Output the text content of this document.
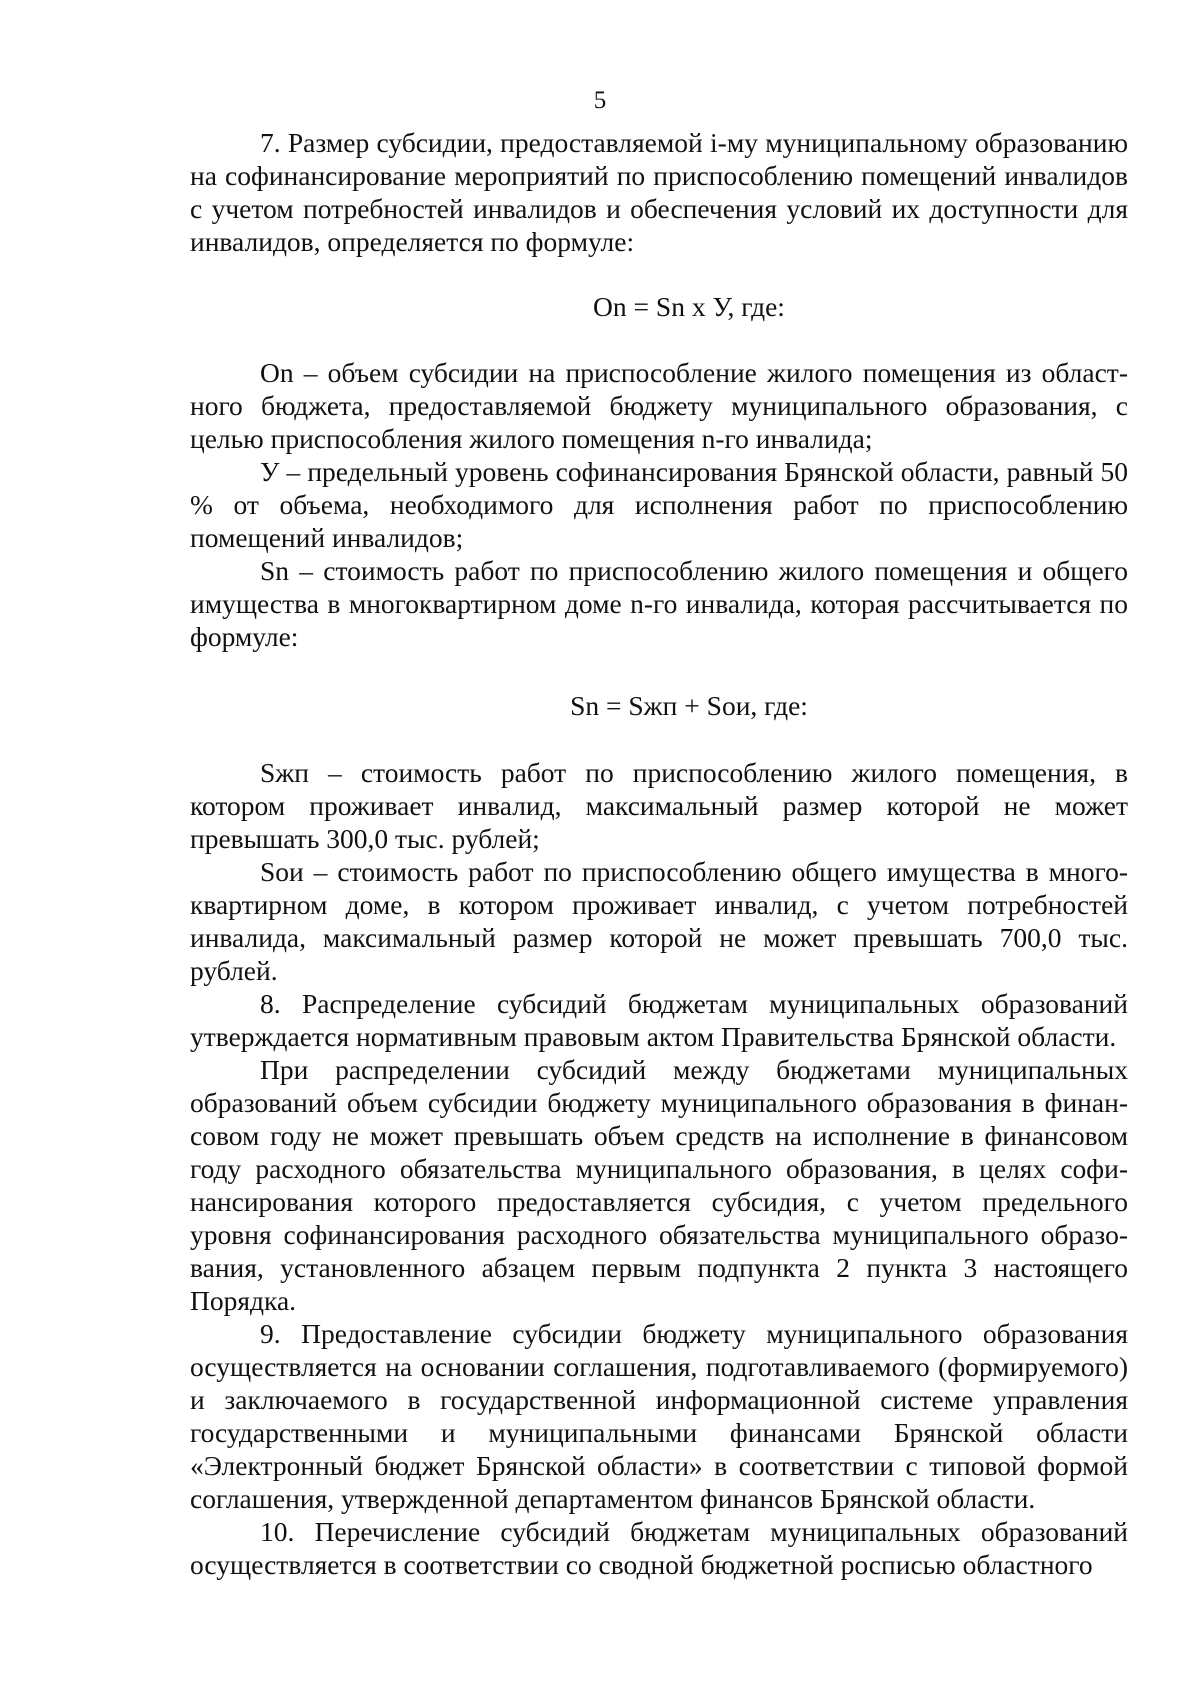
5

7. Размер субсидии, предоставляемой i-му муниципальному образованию на софинансирование мероприятий по приспособлению помещений инвалидов с учетом потребностей инвалидов и обеспечения условий их доступности для инвалидов, определяется по формуле:

On = Sn x У, где:

On – объем субсидии на приспособление жилого помещения из областного бюджета, предоставляемой бюджету муниципального образования, с целью приспособления жилого помещения n-го инвалида;

У – предельный уровень софинансирования Брянской области, равный 50 % от объема, необходимого для исполнения работ по приспособлению помещений инвалидов;

Sn – стоимость работ по приспособлению жилого помещения и общего имущества в многоквартирном доме n-го инвалида, которая рассчитывается по формуле:

Sn = Sжп + Soи, где:

Sжп – стоимость работ по приспособлению жилого помещения, в котором проживает инвалид, максимальный размер которой не может превышать 300,0 тыс. рублей;

Soи – стоимость работ по приспособлению общего имущества в многоквартирном доме, в котором проживает инвалид, с учетом потребностей инвалида, максимальный размер которой не может превышать 700,0 тыс. рублей.

8. Распределение субсидий бюджетам муниципальных образований утверждается нормативным правовым актом Правительства Брянской области.

При распределении субсидий между бюджетами муниципальных образований объем субсидии бюджету муниципального образования в финансовом году не может превышать объем средств на исполнение в финансовом году расходного обязательства муниципального образования, в целях софинансирования которого предоставляется субсидия, с учетом предельного уровня софинансирования расходного обязательства муниципального образования, установленного абзацем первым подпункта 2 пункта 3 настоящего Порядка.

9. Предоставление субсидии бюджету муниципального образования осуществляется на основании соглашения, подготавливаемого (формируемого) и заключаемого в государственной информационной системе управления государственными и муниципальными финансами Брянской области «Электронный бюджет Брянской области» в соответствии с типовой формой соглашения, утвержденной департаментом финансов Брянской области.

10. Перечисление субсидий бюджетам муниципальных образований осуществляется в соответствии со сводной бюджетной росписью областного
